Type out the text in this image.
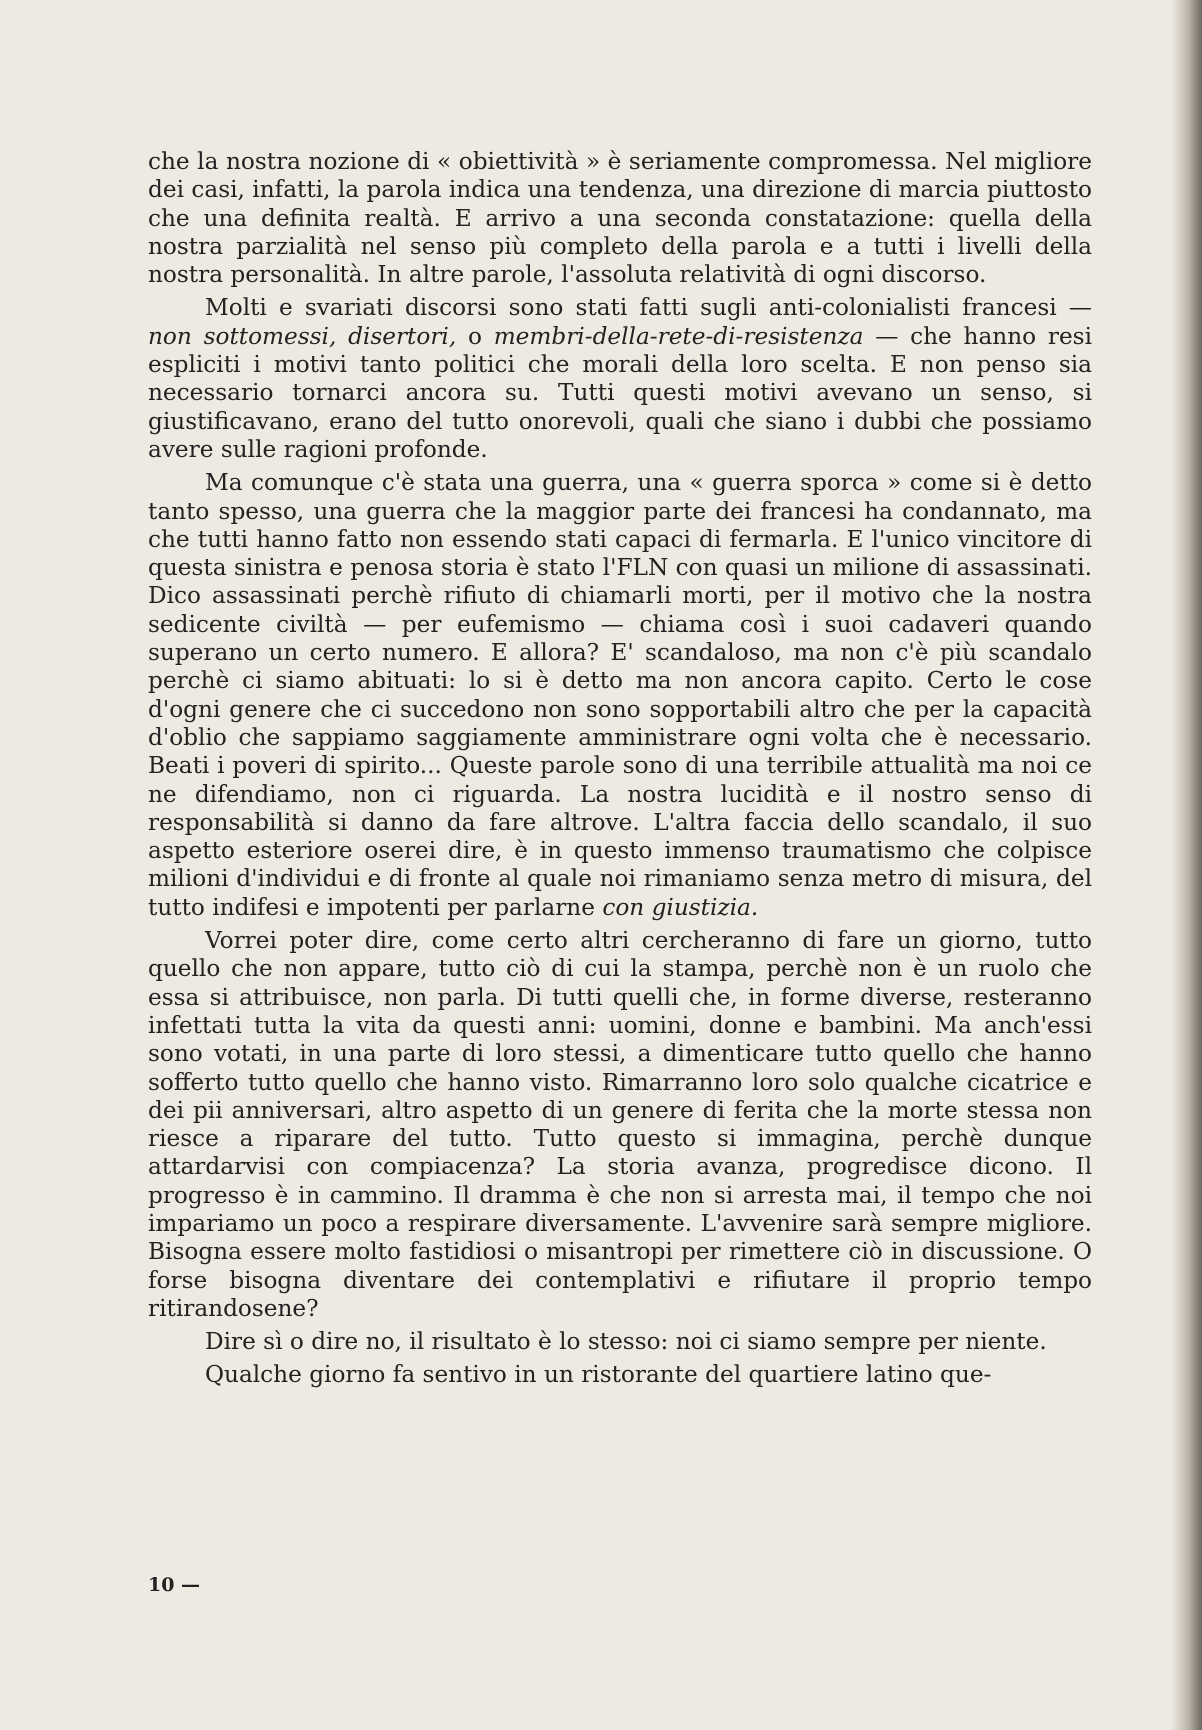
che la nostra nozione di « obiettività » è seriamente compromessa. Nel migliore dei casi, infatti, la parola indica una tendenza, una direzione di marcia piuttosto che una definita realtà. E arrivo a una seconda constatazione: quella della nostra parzialità nel senso più completo della parola e a tutti i livelli della nostra personalità. In altre parole, l'assoluta relatività di ogni discorso.

Molti e svariati discorsi sono stati fatti sugli anti-colonialisti francesi — non sottomessi, disertori, o membri-della-rete-di-resistenza — che hanno resi espliciti i motivi tanto politici che morali della loro scelta. E non penso sia necessario tornarci ancora su. Tutti questi motivi avevano un senso, si giustificavano, erano del tutto onorevoli, quali che siano i dubbi che possiamo avere sulle ragioni profonde.

Ma comunque c'è stata una guerra, una « guerra sporca » come si è detto tanto spesso, una guerra che la maggior parte dei francesi ha condannato, ma che tutti hanno fatto non essendo stati capaci di fermarla. E l'unico vincitore di questa sinistra e penosa storia è stato l'FLN con quasi un milione di assassinati. Dico assassinati perchè rifiuto di chiamarli morti, per il motivo che la nostra sedicente civiltà — per eufemismo — chiama così i suoi cadaveri quando superano un certo numero. E allora? E' scandaloso, ma non c'è più scandalo perchè ci siamo abituati: lo si è detto ma non ancora capito. Certo le cose d'ogni genere che ci succedono non sono sopportabili altro che per la capacità d'oblio che sappiamo saggiamente amministrare ogni volta che è necessario. Beati i poveri di spirito... Queste parole sono di una terribile attualità ma noi ce ne difendiamo, non ci riguarda. La nostra lucidità e il nostro senso di responsabilità si danno da fare altrove. L'altra faccia dello scandalo, il suo aspetto esteriore oserei dire, è in questo immenso traumatismo che colpisce milioni d'individui e di fronte al quale noi rimaniamo senza metro di misura, del tutto indifesi e impotenti per parlarne con giustizia.

Vorrei poter dire, come certo altri cercheranno di fare un giorno, tutto quello che non appare, tutto ciò di cui la stampa, perchè non è un ruolo che essa si attribuisce, non parla. Di tutti quelli che, in forme diverse, resteranno infettati tutta la vita da questi anni: uomini, donne e bambini. Ma anch'essi sono votati, in una parte di loro stessi, a dimenticare tutto quello che hanno sofferto tutto quello che hanno visto. Rimarranno loro solo qualche cicatrice e dei pii anniversari, altro aspetto di un genere di ferita che la morte stessa non riesce a riparare del tutto. Tutto questo si immagina, perchè dunque attardarvisi con compiacenza? La storia avanza, progredisce dicono. Il progresso è in cammino. Il dramma è che non si arresta mai, il tempo che noi impariamo un poco a respirare diversamente. L'avvenire sarà sempre migliore. Bisogna essere molto fastidiosi o misantropi per rimettere ciò in discussione. O forse bisogna diventare dei contemplativi e rifiutare il proprio tempo ritirandosene?

Dire sì o dire no, il risultato è lo stesso: noi ci siamo sempre per niente.

Qualche giorno fa sentivo in un ristorante del quartiere latino que-

10 —
